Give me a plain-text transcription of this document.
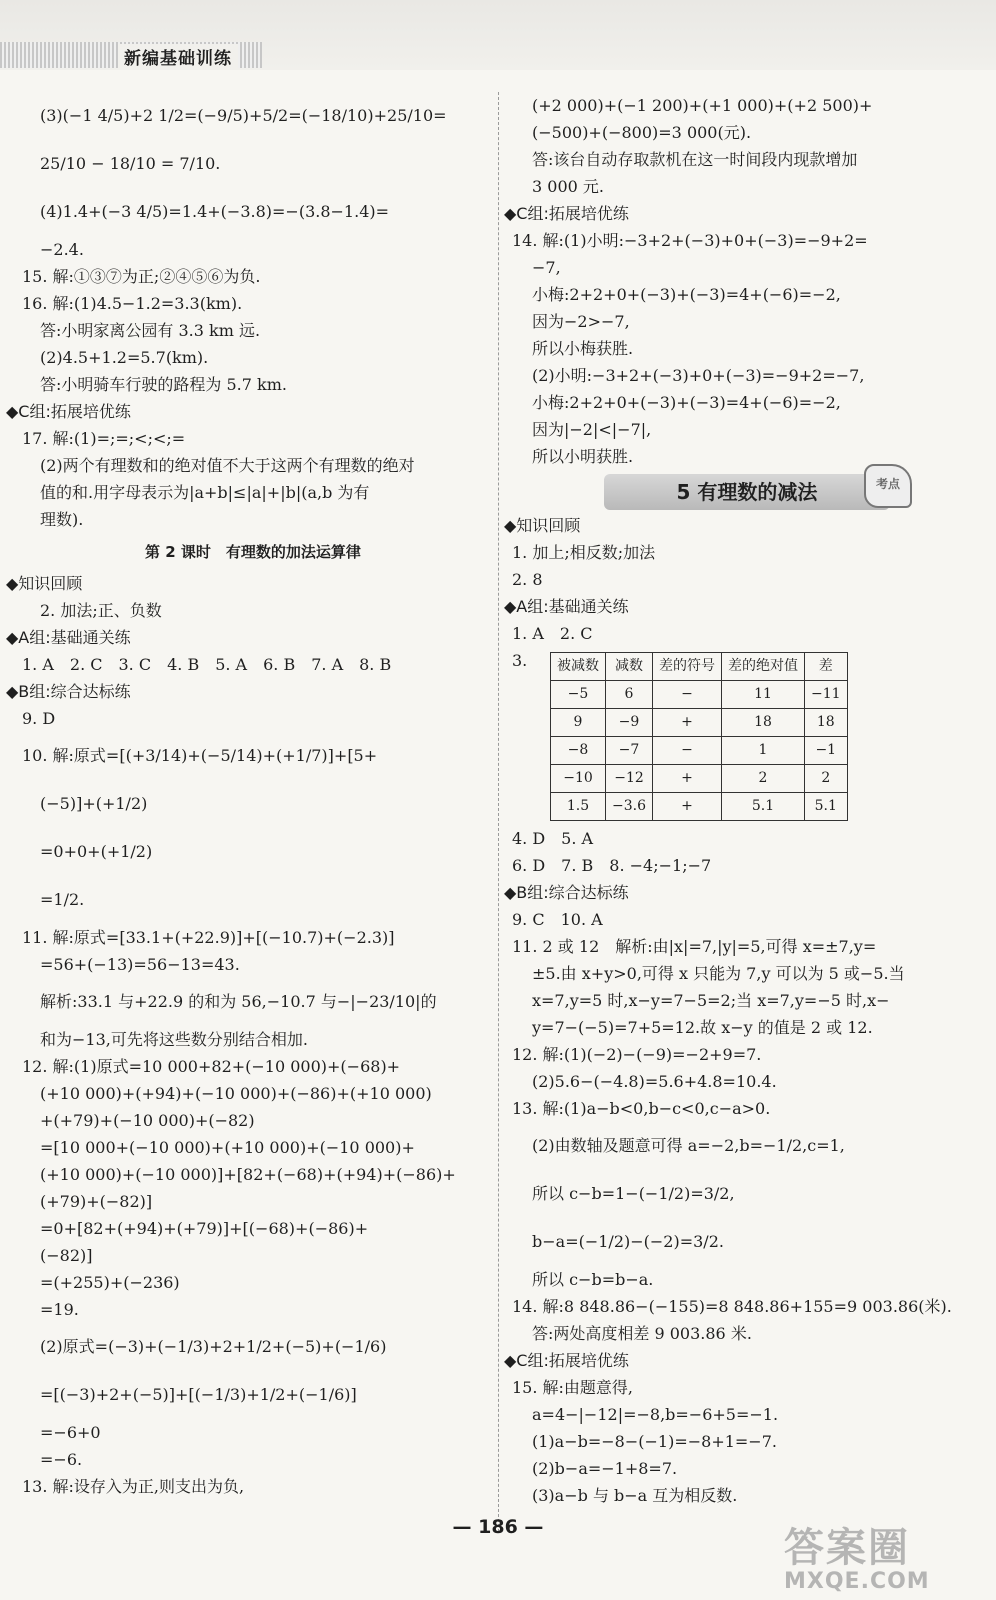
新编基础训练
(3)(−1 4/5)+2 1/2=(−9/5)+5/2=(−18/10)+25/10=
25/10 − 18/10 = 7/10.
(4)1.4+(−3 4/5)=1.4+(−3.8)=−(3.8−1.4)=
−2.4.
15. 解:①③⑦为正;②④⑤⑥为负.
16. 解:(1)4.5−1.2=3.3(km).
答:小明家离公园有 3.3 km 远.
(2)4.5+1.2=5.7(km).
答:小明骑车行驶的路程为 5.7 km.
◆C组:拓展培优练
17. 解:(1)=;=;<;<;=
(2)两个有理数和的绝对值不大于这两个有理数的绝对
值的和.用字母表示为|a+b|≤|a|+|b|(a,b 为有
理数).
第 2 课时　有理数的加法运算律
◆知识回顾
2. 加法;正、负数
◆A组:基础通关练
1. A　2. C　3. C　4. B　5. A　6. B　7. A　8. B
◆B组:综合达标练
9. D
10. 解:原式=[(+3/14)+(−5/14)+(+1/7)]+[5+
(−5)]+(+1/2)
=0+0+(+1/2)
=1/2.
11. 解:原式=[33.1+(+22.9)]+[(−10.7)+(−2.3)]
=56+(−13)=56−13=43.
解析:33.1 与+22.9 的和为 56,−10.7 与−|−23/10|的
和为−13,可先将这些数分别结合相加.
12. 解:(1)原式=10 000+82+(−10 000)+(−68)+
(+10 000)+(+94)+(−10 000)+(−86)+(+10 000)
+(+79)+(−10 000)+(−82)
=[10 000+(−10 000)+(+10 000)+(−10 000)+
(+10 000)+(−10 000)]+[82+(−68)+(+94)+(−86)+
(+79)+(−82)]
=0+[82+(+94)+(+79)]+[(−68)+(−86)+
(−82)]
=(+255)+(−236)
=19.
(2)原式=(−3)+(−1/3)+2+1/2+(−5)+(−1/6)
=[(−3)+2+(−5)]+[(−1/3)+1/2+(−1/6)]
=−6+0
=−6.
13. 解:设存入为正,则支出为负,
(+2 000)+(−1 200)+(+1 000)+(+2 500)+
(−500)+(−800)=3 000(元).
答:该台自动存取款机在这一时间段内现款增加
3 000 元.
◆C组:拓展培优练
14. 解:(1)小明:−3+2+(−3)+0+(−3)=−9+2=
−7,
小梅:2+2+0+(−3)+(−3)=4+(−6)=−2,
因为−2>−7,
所以小梅获胜.
(2)小明:−3+2+(−3)+0+(−3)=−9+2=−7,
小梅:2+2+0+(−3)+(−3)=4+(−6)=−2,
因为|−2|<|−7|,
所以小明获胜.
5 有理数的减法	考点
◆知识回顾
1. 加上;相反数;加法
2. 8
◆A组:基础通关练
1. A　2. C
3.	被减数	减数	差的符号	差的绝对值	差
−5	6	−	11	−11
9	−9	+	18	18
−8	−7	−	1	−1
−10	−12	+	2	2
1.5	−3.6	+	5.1	5.1
4. D　5. A
6. D　7. B　8. −4;−1;−7
◆B组:综合达标练
9. C　10. A
11. 2 或 12　解析:由|x|=7,|y|=5,可得 x=±7,y=
±5.由 x+y>0,可得 x 只能为 7,y 可以为 5 或−5.当
x=7,y=5 时,x−y=7−5=2;当 x=7,y=−5 时,x−
y=7−(−5)=7+5=12.故 x−y 的值是 2 或 12.
12. 解:(1)(−2)−(−9)=−2+9=7.
(2)5.6−(−4.8)=5.6+4.8=10.4.
13. 解:(1)a−b<0,b−c<0,c−a>0.
(2)由数轴及题意可得 a=−2,b=−1/2,c=1,
所以 c−b=1−(−1/2)=3/2,
b−a=(−1/2)−(−2)=3/2.
所以 c−b=b−a.
14. 解:8 848.86−(−155)=8 848.86+155=9 003.86(米).
答:两处高度相差 9 003.86 米.
◆C组:拓展培优练
15. 解:由题意得,
a=4−|−12|=−8,b=−6+5=−1.
(1)a−b=−8−(−1)=−8+1=−7.
(2)b−a=−1+8=7.
(3)a−b 与 b−a 互为相反数.
— 186 —	答案圈
MXQE.COM
